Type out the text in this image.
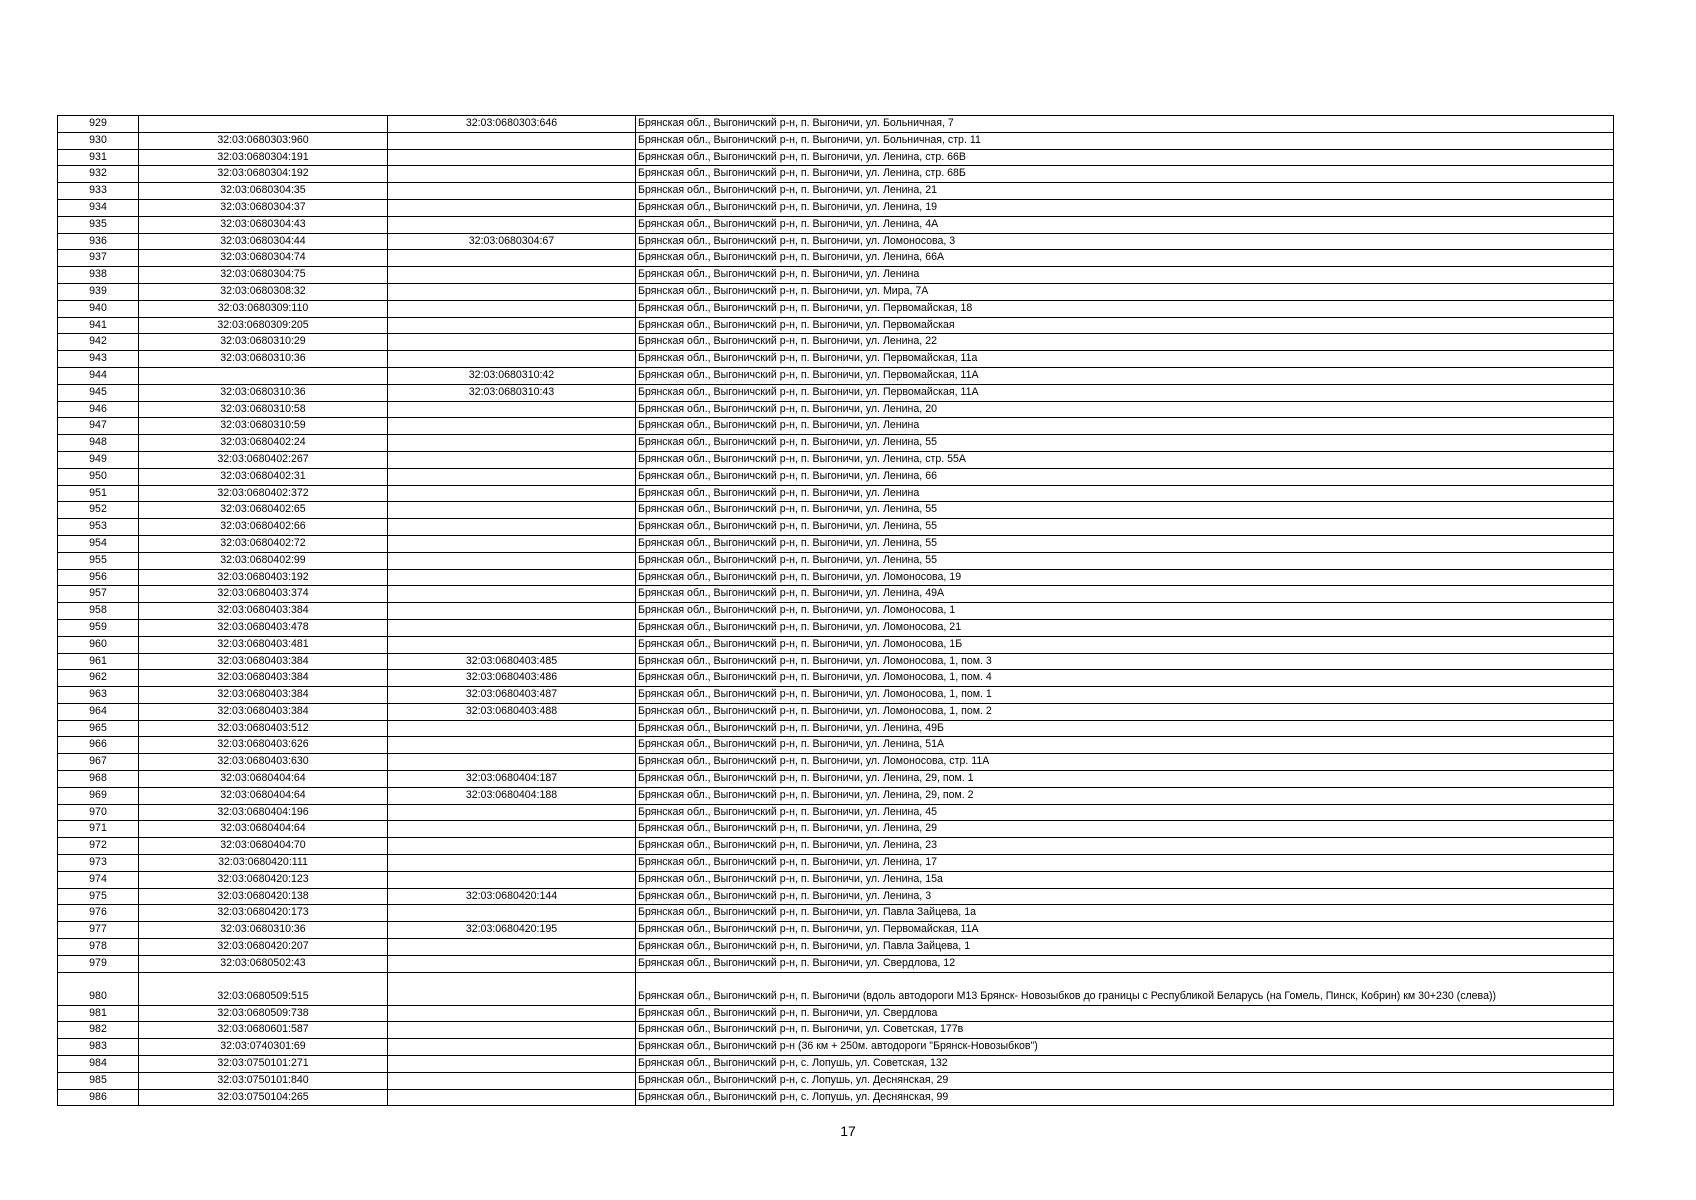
929		32:03:0680303:646	Брянская обл., Выгоничский р-н, п. Выгоничи, ул. Больничная, 7
930	32:03:0680303:960		Брянская обл., Выгоничский р-н, п. Выгоничи, ул. Больничная, стр. 11
931	32:03:0680304:191		Брянская обл., Выгоничский р-н, п. Выгоничи, ул. Ленина, стр. 66В
932	32:03:0680304:192		Брянская обл., Выгоничский р-н, п. Выгоничи, ул. Ленина, стр. 68Б
933	32:03:0680304:35		Брянская обл., Выгоничский р-н, п. Выгоничи, ул. Ленина, 21
934	32:03:0680304:37		Брянская обл., Выгоничский р-н, п. Выгоничи, ул. Ленина, 19
935	32:03:0680304:43		Брянская обл., Выгоничский р-н, п. Выгоничи, ул. Ленина, 4А
936	32:03:0680304:44	32:03:0680304:67	Брянская обл., Выгоничский р-н, п. Выгоничи, ул. Ломоносова, 3
937	32:03:0680304:74		Брянская обл., Выгоничский р-н, п. Выгоничи, ул. Ленина, 66А
938	32:03:0680304:75		Брянская обл., Выгоничский р-н, п. Выгоничи, ул. Ленина
939	32:03:0680308:32		Брянская обл., Выгоничский р-н, п. Выгоничи, ул. Мира, 7А
940	32:03:0680309:110		Брянская обл., Выгоничский р-н, п. Выгоничи, ул. Первомайская, 18
941	32:03:0680309:205		Брянская обл., Выгоничский р-н, п. Выгоничи, ул. Первомайская
942	32:03:0680310:29		Брянская обл., Выгоничский р-н, п. Выгоничи, ул. Ленина, 22
943	32:03:0680310:36		Брянская обл., Выгоничский р-н, п. Выгоничи, ул. Первомайская, 11а
944		32:03:0680310:42	Брянская обл., Выгоничский р-н, п. Выгоничи, ул. Первомайская, 11А
945	32:03:0680310:36	32:03:0680310:43	Брянская обл., Выгоничский р-н, п. Выгоничи, ул. Первомайская, 11А
946	32:03:0680310:58		Брянская обл., Выгоничский р-н, п. Выгоничи, ул. Ленина, 20
947	32:03:0680310:59		Брянская обл., Выгоничский р-н, п. Выгоничи, ул. Ленина
948	32:03:0680402:24		Брянская обл., Выгоничский р-н, п. Выгоничи, ул. Ленина, 55
949	32:03:0680402:267		Брянская обл., Выгоничский р-н, п. Выгоничи, ул. Ленина, стр. 55А
950	32:03:0680402:31		Брянская обл., Выгоничский р-н, п. Выгоничи, ул. Ленина, 66
951	32:03:0680402:372		Брянская обл., Выгоничский р-н, п. Выгоничи, ул. Ленина
952	32:03:0680402:65		Брянская обл., Выгоничский р-н, п. Выгоничи, ул. Ленина, 55
953	32:03:0680402:66		Брянская обл., Выгоничский р-н, п. Выгоничи, ул. Ленина, 55
954	32:03:0680402:72		Брянская обл., Выгоничский р-н, п. Выгоничи, ул. Ленина, 55
955	32:03:0680402:99		Брянская обл., Выгоничский р-н, п. Выгоничи, ул. Ленина, 55
956	32:03:0680403:192		Брянская обл., Выгоничский р-н, п. Выгоничи, ул. Ломоносова, 19
957	32:03:0680403:374		Брянская обл., Выгоничский р-н, п. Выгоничи, ул. Ленина, 49А
958	32:03:0680403:384		Брянская обл., Выгоничский р-н, п. Выгоничи, ул. Ломоносова, 1
959	32:03:0680403:478		Брянская обл., Выгоничский р-н, п. Выгоничи, ул. Ломоносова, 21
960	32:03:0680403:481		Брянская обл., Выгоничский р-н, п. Выгоничи, ул. Ломоносова, 1Б
961	32:03:0680403:384	32:03:0680403:485	Брянская обл., Выгоничский р-н, п. Выгоничи, ул. Ломоносова, 1, пом. 3
962	32:03:0680403:384	32:03:0680403:486	Брянская обл., Выгоничский р-н, п. Выгоничи, ул. Ломоносова, 1, пом. 4
963	32:03:0680403:384	32:03:0680403:487	Брянская обл., Выгоничский р-н, п. Выгоничи, ул. Ломоносова, 1, пом. 1
964	32:03:0680403:384	32:03:0680403:488	Брянская обл., Выгоничский р-н, п. Выгоничи, ул. Ломоносова, 1, пом. 2
965	32:03:0680403:512		Брянская обл., Выгоничский р-н, п. Выгоничи, ул. Ленина, 49Б
966	32:03:0680403:626		Брянская обл., Выгоничский р-н, п. Выгоничи, ул. Ленина, 51А
967	32:03:0680403:630		Брянская обл., Выгоничский р-н, п. Выгоничи, ул. Ломоносова, стр. 11А
968	32:03:0680404:64	32:03:0680404:187	Брянская обл., Выгоничский р-н, п. Выгоничи, ул. Ленина, 29, пом. 1
969	32:03:0680404:64	32:03:0680404:188	Брянская обл., Выгоничский р-н, п. Выгоничи, ул. Ленина, 29, пом. 2
970	32:03:0680404:196		Брянская обл., Выгоничский р-н, п. Выгоничи, ул. Ленина, 45
971	32:03:0680404:64		Брянская обл., Выгоничский р-н, п. Выгоничи, ул. Ленина, 29
972	32:03:0680404:70		Брянская обл., Выгоничский р-н, п. Выгоничи, ул. Ленина, 23
973	32:03:0680420:111		Брянская обл., Выгоничский р-н, п. Выгоничи, ул. Ленина, 17
974	32:03:0680420:123		Брянская обл., Выгоничский р-н, п. Выгоничи, ул. Ленина, 15а
975	32:03:0680420:138	32:03:0680420:144	Брянская обл., Выгоничский р-н, п. Выгоничи, ул. Ленина, 3
976	32:03:0680420:173		Брянская обл., Выгоничский р-н, п. Выгоничи, ул. Павла Зайцева, 1а
977	32:03:0680310:36	32:03:0680420:195	Брянская обл., Выгоничский р-н, п. Выгоничи, ул. Первомайская, 11А
978	32:03:0680420:207		Брянская обл., Выгоничский р-н, п. Выгоничи, ул. Павла Зайцева, 1
979	32:03:0680502:43		Брянская обл., Выгоничский р-н, п. Выгоничи, ул. Свердлова, 12
980	32:03:0680509:515		Брянская обл., Выгоничский р-н, п. Выгоничи (вдоль автодороги М13 Брянск- Новозыбков до границы с Республикой Беларусь (на Гомель, Пинск, Кобрин) км 30+230 (слева))
981	32:03:0680509:738		Брянская обл., Выгоничский р-н, п. Выгоничи, ул. Свердлова
982	32:03:0680601:587		Брянская обл., Выгоничский р-н, п. Выгоничи, ул. Советская, 177в
983	32:03:0740301:69		Брянская обл., Выгоничский р-н (36 км + 250м. автодороги "Брянск-Новозыбков")
984	32:03:0750101:271		Брянская обл., Выгоничский р-н, с. Лопушь, ул. Советская, 132
985	32:03:0750101:840		Брянская обл., Выгоничский р-н, с. Лопушь, ул. Деснянская, 29
986	32:03:0750104:265		Брянская обл., Выгоничский р-н, с. Лопушь, ул. Деснянская, 99
17
